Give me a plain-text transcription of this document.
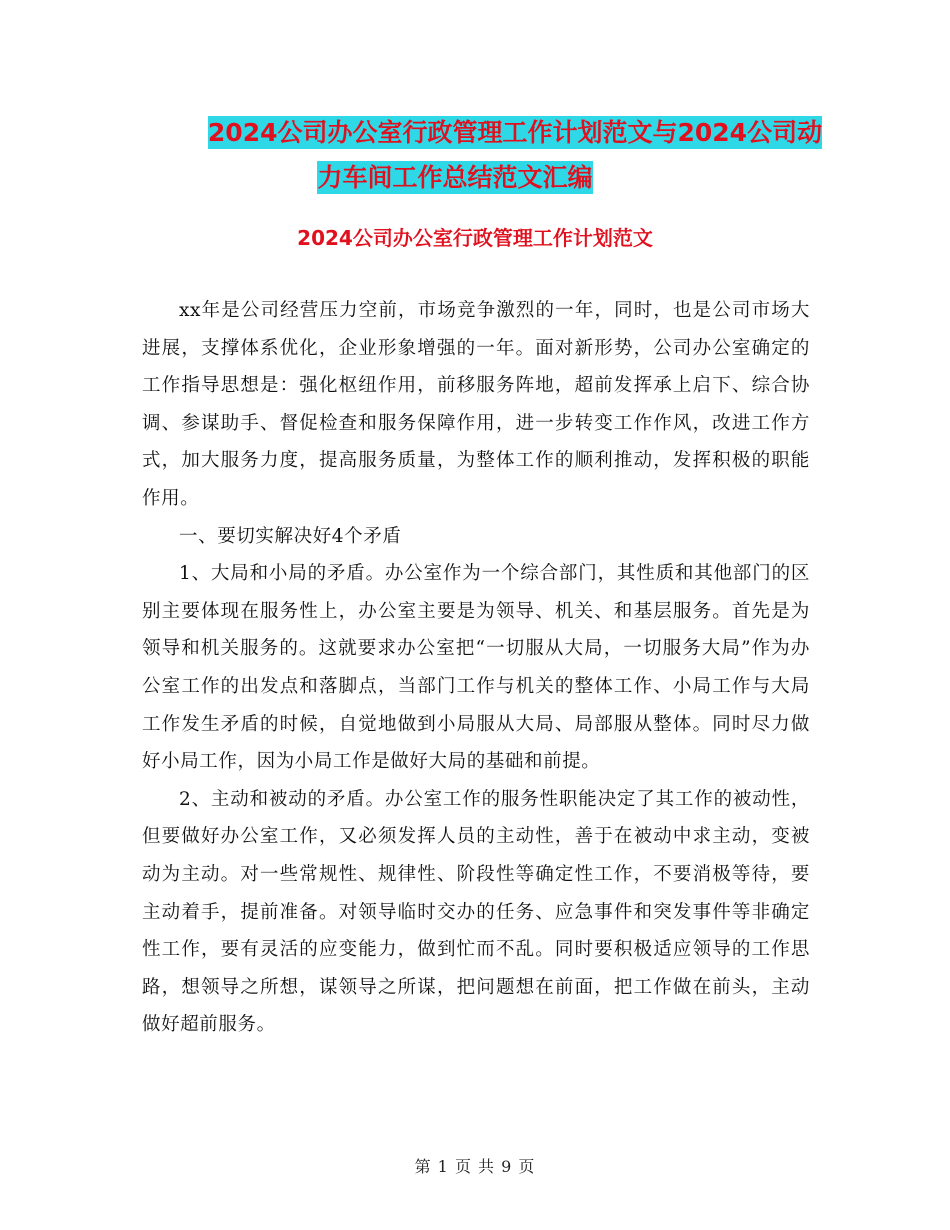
2024公司办公室行政管理工作计划范文与2024公司动
力车间工作总结范文汇编
2024公司办公室行政管理工作计划范文

xx年是公司经营压力空前，市场竞争激烈的一年，同时，也是公司市场大进展，支撑体系优化，企业形象增强的一年。面对新形势，公司办公室确定的工作指导思想是：强化枢纽作用，前移服务阵地，超前发挥承上启下、综合协调、参谋助手、督促检查和服务保障作用，进一步转变工作作风，改进工作方式，加大服务力度，提高服务质量，为整体工作的顺利推动，发挥积极的职能作用。

一、要切实解决好4个矛盾

1、大局和小局的矛盾。办公室作为一个综合部门，其性质和其他部门的区别主要体现在服务性上，办公室主要是为领导、机关、和基层服务。首先是为领导和机关服务的。这就要求办公室把“一切服从大局，一切服务大局”作为办公室工作的出发点和落脚点，当部门工作与机关的整体工作、小局工作与大局工作发生矛盾的时候，自觉地做到小局服从大局、局部服从整体。同时尽力做好小局工作，因为小局工作是做好大局的基础和前提。

2、主动和被动的矛盾。办公室工作的服务性职能决定了其工作的被动性，但要做好办公室工作，又必须发挥人员的主动性，善于在被动中求主动，变被动为主动。对一些常规性、规律性、阶段性等确定性工作，不要消极等待，要主动着手，提前准备。对领导临时交办的任务、应急事件和突发事件等非确定性工作，要有灵活的应变能力，做到忙而不乱。同时要积极适应领导的工作思路，想领导之所想，谋领导之所谋，把问题想在前面，把工作做在前头，主动做好超前服务。

第 1 页 共 9 页
